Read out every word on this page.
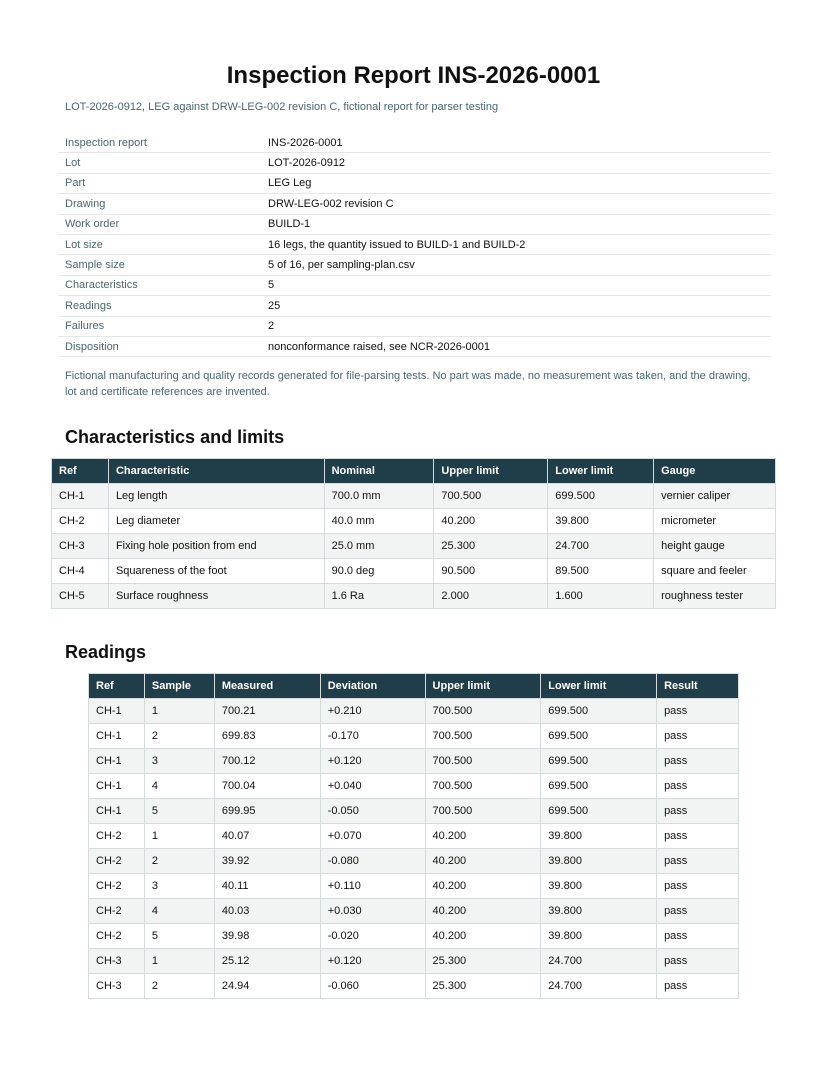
Inspection Report INS-2026-0001

LOT-2026-0912, LEG against DRW-LEG-002 revision C, fictional report for parser testing

Inspection report	INS-2026-0001
Lot	LOT-2026-0912
Part	LEG Leg
Drawing	DRW-LEG-002 revision C
Work order	BUILD-1
Lot size	16 legs, the quantity issued to BUILD-1 and BUILD-2
Sample size	5 of 16, per sampling-plan.csv
Characteristics	5
Readings	25
Failures	2
Disposition	nonconformance raised, see NCR-2026-0001

Fictional manufacturing and quality records generated for file-parsing tests. No part was made, no measurement was taken, and the drawing, lot and certificate references are invented.

Characteristics and limits
Ref	Characteristic	Nominal	Upper limit	Lower limit	Gauge
CH-1	Leg length	700.0 mm	700.500	699.500	vernier caliper
CH-2	Leg diameter	40.0 mm	40.200	39.800	micrometer
CH-3	Fixing hole position from end	25.0 mm	25.300	24.700	height gauge
CH-4	Squareness of the foot	90.0 deg	90.500	89.500	square and feeler
CH-5	Surface roughness	1.6 Ra	2.000	1.600	roughness tester
Readings
Ref	Sample	Measured	Deviation	Upper limit	Lower limit	Result
CH-1	1	700.21	+0.210	700.500	699.500	pass
CH-1	2	699.83	-0.170	700.500	699.500	pass
CH-1	3	700.12	+0.120	700.500	699.500	pass
CH-1	4	700.04	+0.040	700.500	699.500	pass
CH-1	5	699.95	-0.050	700.500	699.500	pass
CH-2	1	40.07	+0.070	40.200	39.800	pass
CH-2	2	39.92	-0.080	40.200	39.800	pass
CH-2	3	40.11	+0.110	40.200	39.800	pass
CH-2	4	40.03	+0.030	40.200	39.800	pass
CH-2	5	39.98	-0.020	40.200	39.800	pass
CH-3	1	25.12	+0.120	25.300	24.700	pass
CH-3	2	24.94	-0.060	25.300	24.700	pass
